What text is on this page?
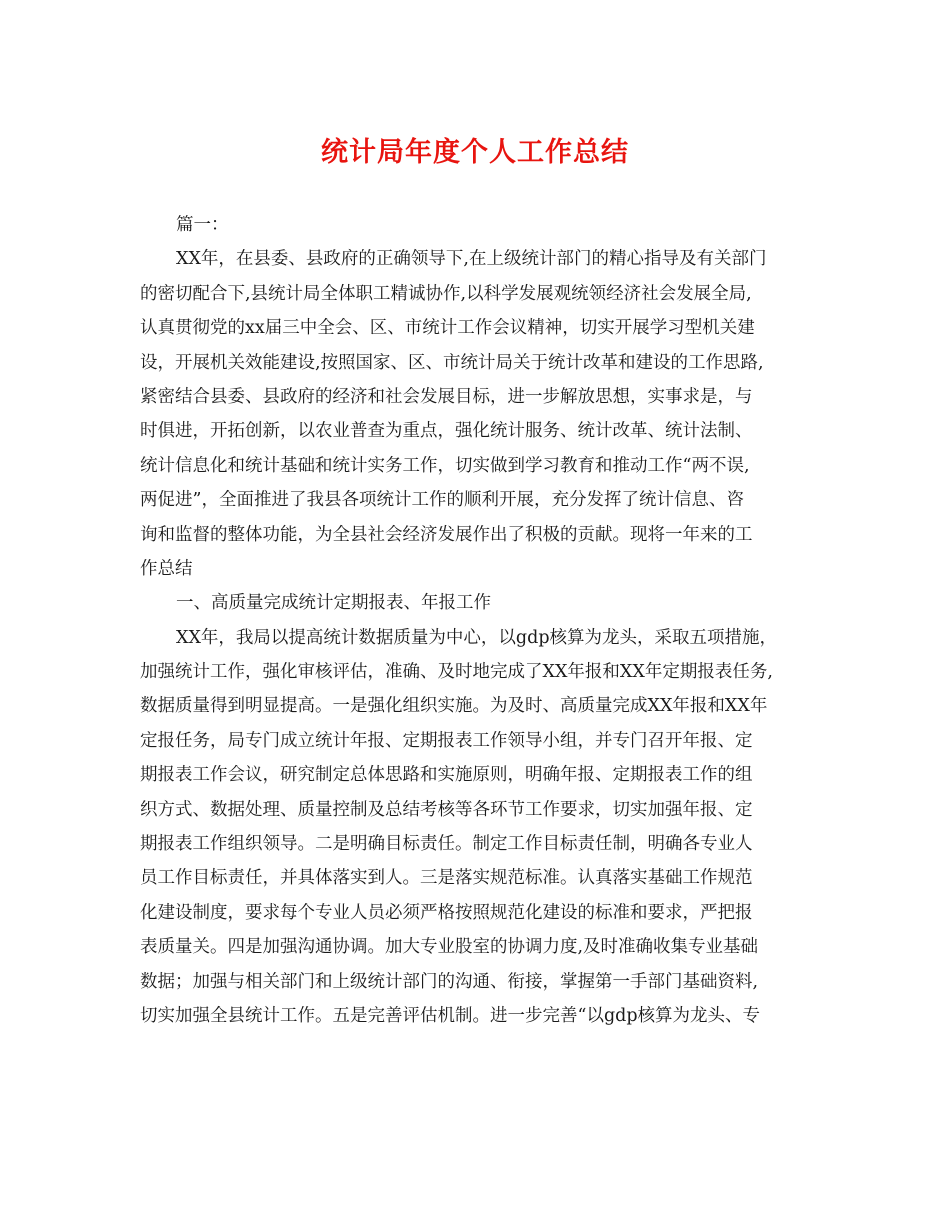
统计局年度个人工作总结
篇一：
XX年，在县委、县政府的正确领导下,在上级统计部门的精心指导及有关部门
的密切配合下,县统计局全体职工精诚协作,以科学发展观统领经济社会发展全局,
认真贯彻党的xx届三中全会、区、市统计工作会议精神，切实开展学习型机关建
设，开展机关效能建设,按照国家、区、市统计局关于统计改革和建设的工作思路,
紧密结合县委、县政府的经济和社会发展目标，进一步解放思想，实事求是，与
时俱进，开拓创新，以农业普查为重点，强化统计服务、统计改革、统计法制、
统计信息化和统计基础和统计实务工作，切实做到学习教育和推动工作“两不误,
两促进”，全面推进了我县各项统计工作的顺利开展，充分发挥了统计信息、咨
询和监督的整体功能，为全县社会经济发展作出了积极的贡献。现将一年来的工
作总结
一、高质量完成统计定期报表、年报工作
XX年，我局以提高统计数据质量为中心，以gdp核算为龙头，采取五项措施，
加强统计工作，强化审核评估，准确、及时地完成了XX年报和XX年定期报表任务,
数据质量得到明显提高。一是强化组织实施。为及时、高质量完成XX年报和XX年
定报任务，局专门成立统计年报、定期报表工作领导小组，并专门召开年报、定
期报表工作会议，研究制定总体思路和实施原则，明确年报、定期报表工作的组
织方式、数据处理、质量控制及总结考核等各环节工作要求，切实加强年报、定
期报表工作组织领导。二是明确目标责任。制定工作目标责任制，明确各专业人
员工作目标责任，并具体落实到人。三是落实规范标准。认真落实基础工作规范
化建设制度，要求每个专业人员必须严格按照规范化建设的标准和要求，严把报
表质量关。四是加强沟通协调。加大专业股室的协调力度,及时准确收集专业基础
数据；加强与相关部门和上级统计部门的沟通、衔接，掌握第一手部门基础资料,
切实加强全县统计工作。五是完善评估机制。进一步完善“以gdp核算为龙头、专
